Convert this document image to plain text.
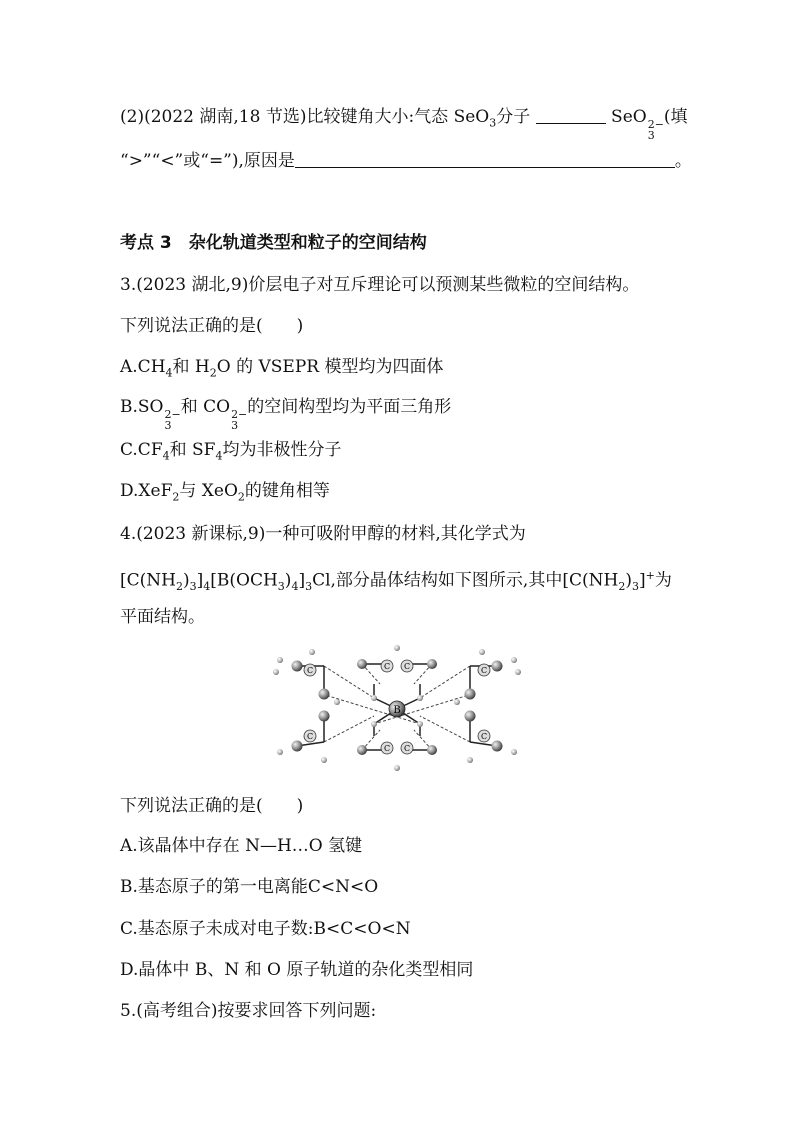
(2)(2022 湖南,18 节选)比较键角大小:气态 SeO$_3$分子	SeO 2−
3
(填
“>”“<”或“=”),原因是	。
考点 3　杂化轨道类型和粒子的空间结构
3.(2023 湖北,9)价层电子对互斥理论可以预测某些微粒的空间结构。
下列说法正确的是(　　)
$A.CH_4$和 $H_2O$ 的 VSEPR 模型均为四面体
B.SO 2−
3
和 CO 2−
3
的空间构型均为平面三角形
$C.CF_4$和 $SF_4$均为非极性分子
D.XeF$_2$与 XeO$_2$的键角相等
4.(2023 新课标,9)一种可吸附甲醇的材料,其化学式为
$[C(NH_2)_3]_4[B(OCH_3)_4]_3Cl$,部分晶体结构如下图所示,其中$[C(NH_2)_3]^+$为
平面结构。
B
C
C
C
C
C C
C C
下列说法正确的是(　　)
A.该晶体中存在 N—H…O 氢键
B.基态原子的第一电离能C<N<O
C.基态原子未成对电子数:B<C<O<N
D.晶体中 B、N 和 O 原子轨道的杂化类型相同
5.(高考组合)按要求回答下列问题:
